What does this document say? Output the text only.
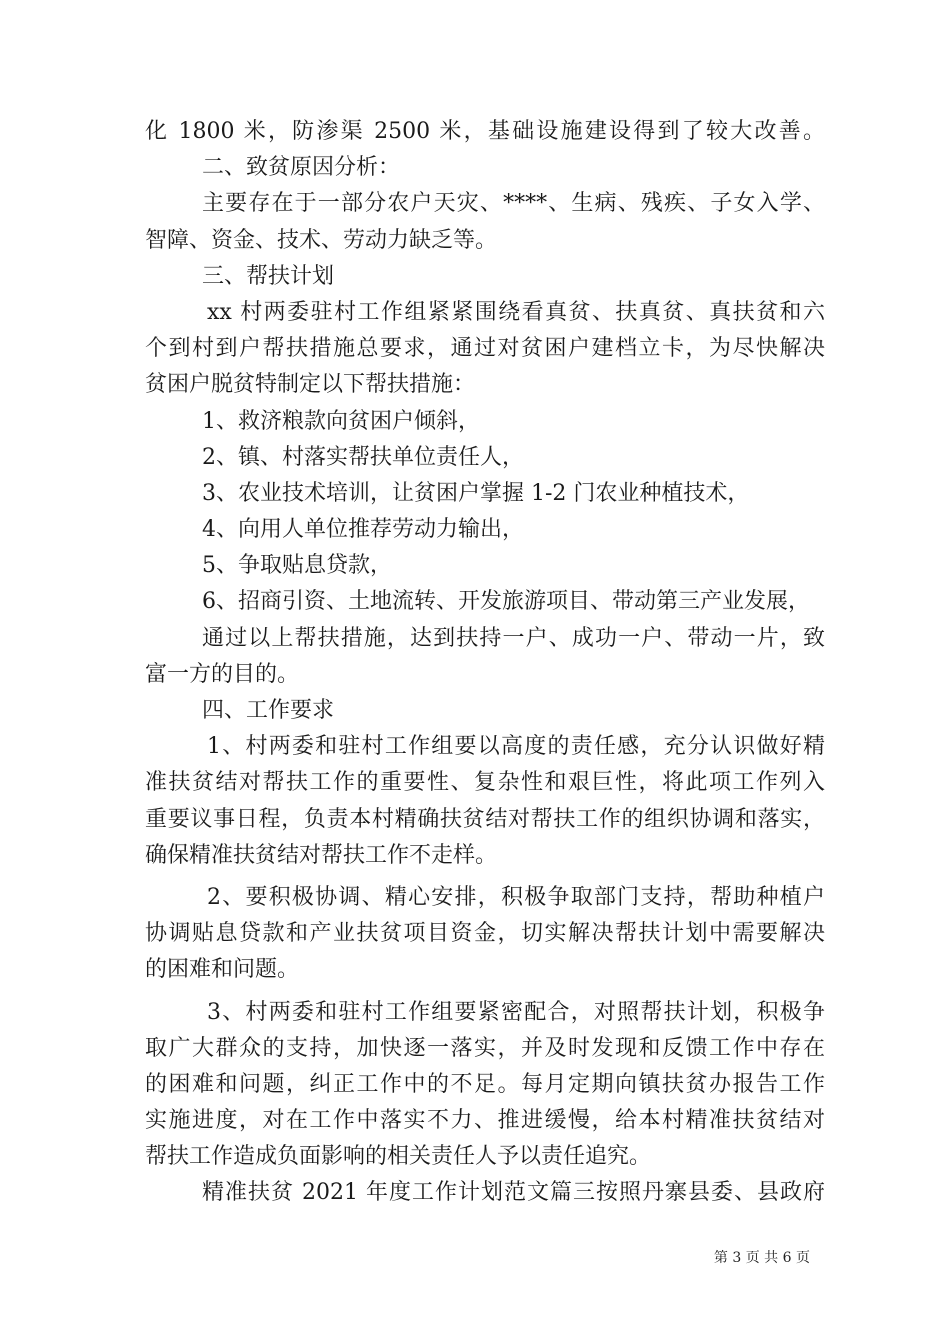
化 1800 米，防渗渠 2500 米，基础设施建设得到了较大改善。
二、致贫原因分析：
主要存在于一部分农户天灾、****、生病、残疾、子女入学、
智障、资金、技术、劳动力缺乏等。
三、帮扶计划
xx 村两委驻村工作组紧紧围绕看真贫、扶真贫、真扶贫和六
个到村到户帮扶措施总要求，通过对贫困户建档立卡，为尽快解决
贫困户脱贫特制定以下帮扶措施：
1、救济粮款向贫困户倾斜，
2、镇、村落实帮扶单位责任人，
3、农业技术培训，让贫困户掌握 1-2 门农业种植技术，
4、向用人单位推荐劳动力输出，
5、争取贴息贷款，
6、招商引资、土地流转、开发旅游项目、带动第三产业发展，
通过以上帮扶措施，达到扶持一户、成功一户、带动一片，致
富一方的目的。
四、工作要求
1、村两委和驻村工作组要以高度的责任感，充分认识做好精
准扶贫结对帮扶工作的重要性、复杂性和艰巨性，将此项工作列入
重要议事日程，负责本村精确扶贫结对帮扶工作的组织协调和落实，
确保精准扶贫结对帮扶工作不走样。
2、要积极协调、精心安排，积极争取部门支持，帮助种植户
协调贴息贷款和产业扶贫项目资金，切实解决帮扶计划中需要解决
的困难和问题。
3、村两委和驻村工作组要紧密配合，对照帮扶计划，积极争
取广大群众的支持，加快逐一落实，并及时发现和反馈工作中存在
的困难和问题，纠正工作中的不足。每月定期向镇扶贫办报告工作
实施进度，对在工作中落实不力、推进缓慢，给本村精准扶贫结对
帮扶工作造成负面影响的相关责任人予以责任追究。
精准扶贫 2021 年度工作计划范文篇三按照丹寨县委、县政府
第 3 页 共 6 页
